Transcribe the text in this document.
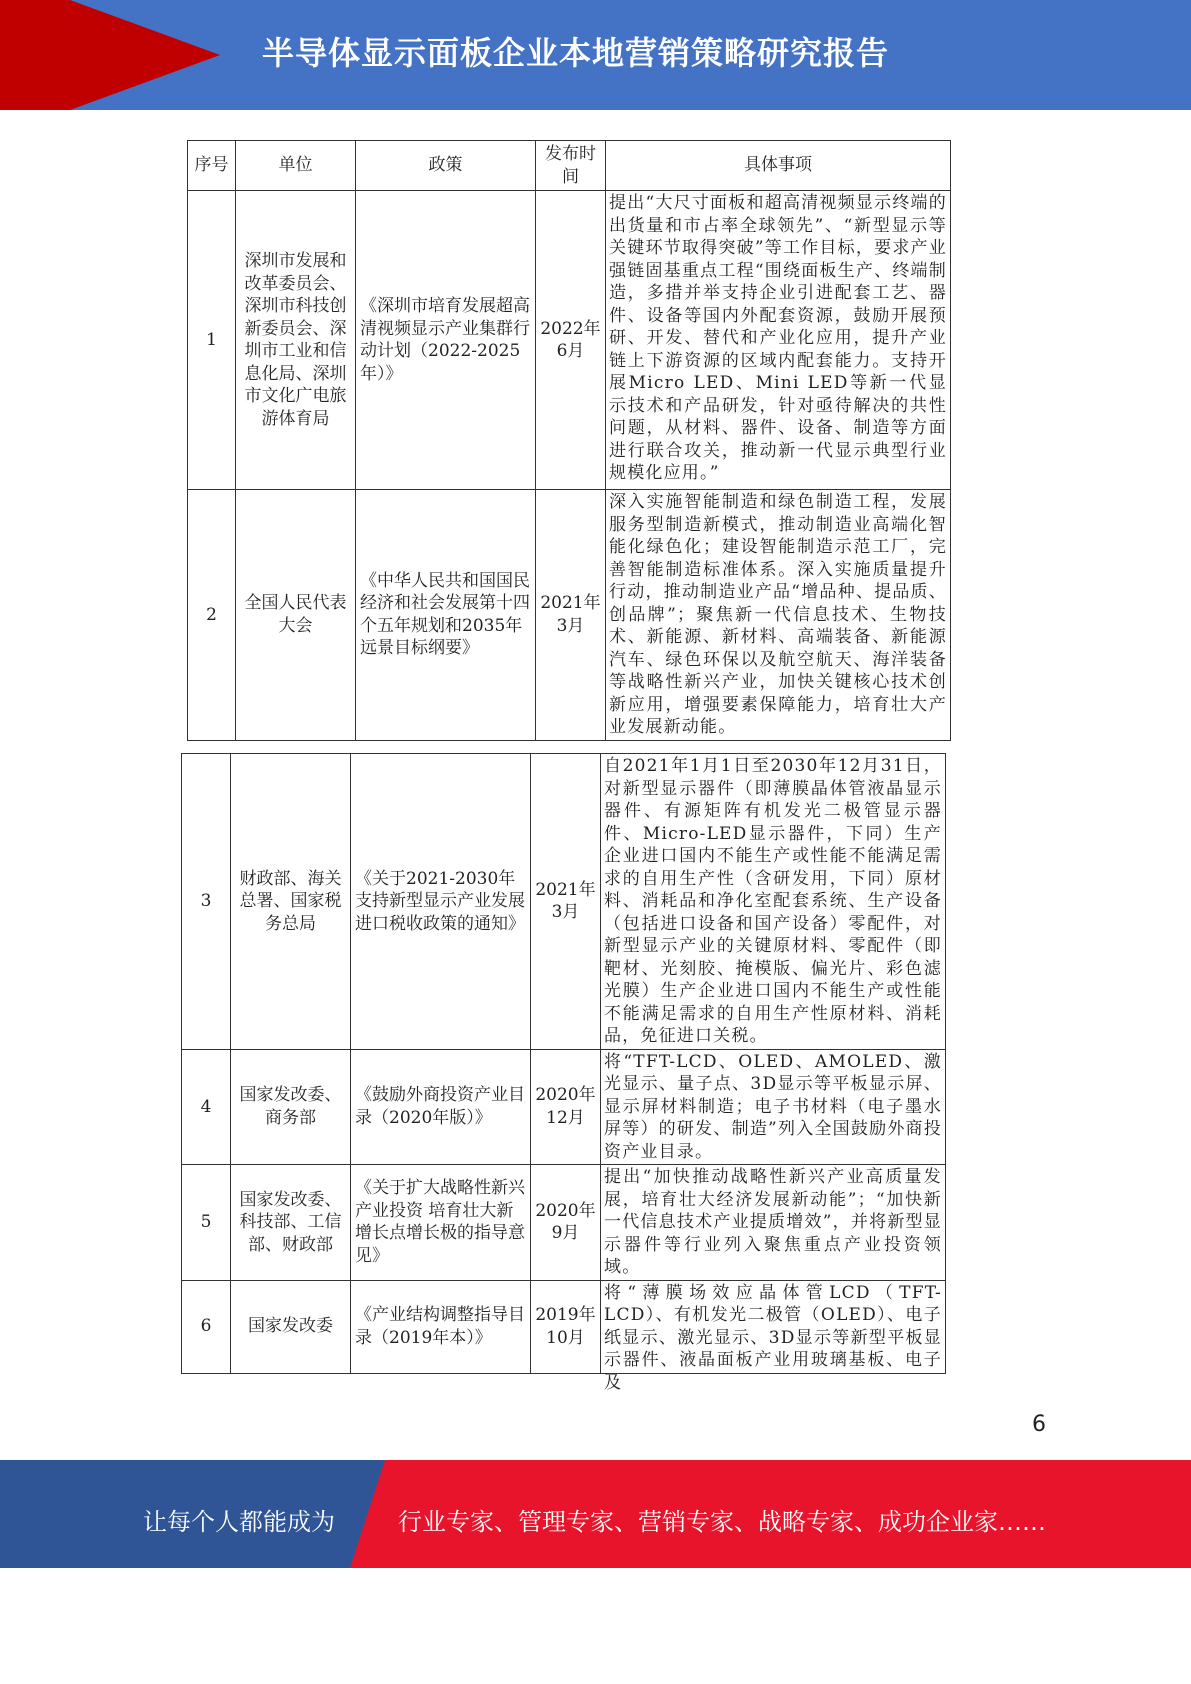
半导体显示面板企业本地营销策略研究报告
序号	单位	政策	发布时间	具体事项
1	深圳市发展和改革委员会、深圳市科技创新委员会、深圳市工业和信息化局、深圳市文化广电旅游体育局	《深圳市培育发展超高清视频显示产业集群行动计划（2022-2025年）》	2022年6月	提出“大尺寸面板和超高清视频显示终端的出货量和市占率全球领先”、“新型显示等关键环节取得突破”等工作目标，要求产业强链固基重点工程“围绕面板生产、终端制造，多措并举支持企业引进配套工艺、器件、设备等国内外配套资源，鼓励开展预研、开发、替代和产业化应用，提升产业链上下游资源的区域内配套能力。支持开展Micro LED、Mini LED等新一代显示技术和产品研发，针对亟待解决的共性问题，从材料、器件、设备、制造等方面进行联合攻关，推动新一代显示典型行业规模化应用。”
2	全国人民代表大会	《中华人民共和国国民经济和社会发展第十四个五年规划和2035年远景目标纲要》	2021年3月	深入实施智能制造和绿色制造工程，发展服务型制造新模式，推动制造业高端化智能化绿色化；建设智能制造示范工厂，完善智能制造标准体系。深入实施质量提升行动，推动制造业产品“增品种、提品质、创品牌”；聚焦新一代信息技术、生物技术、新能源、新材料、高端装备、新能源汽车、绿色环保以及航空航天、海洋装备等战略性新兴产业，加快关键核心技术创新应用，增强要素保障能力，培育壮大产业发展新动能。
3	财政部、海关总署、国家税务总局	《关于2021-2030年支持新型显示产业发展进口税收政策的通知》	2021年3月	自2021年1月1日至2030年12月31日，对新型显示器件（即薄膜晶体管液晶显示器件、有源矩阵有机发光二极管显示器件、Micro-LED显示器件，下同）生产企业进口国内不能生产或性能不能满足需求的自用生产性（含研发用，下同）原材料、消耗品和净化室配套系统、生产设备（包括进口设备和国产设备）零配件，对新型显示产业的关键原材料、零配件（即靶材、光刻胶、掩模版、偏光片、彩色滤光膜）生产企业进口国内不能生产或性能不能满足需求的自用生产性原材料、消耗品，免征进口关税。
4	国家发改委、商务部	《鼓励外商投资产业目录（2020年版）》	2020年12月	将“TFT-LCD、OLED、AMOLED、激光显示、量子点、3D显示等平板显示屏、显示屏材料制造；电子书材料（电子墨水屏等）的研发、制造”列入全国鼓励外商投资产业目录。
5	国家发改委、科技部、工信部、财政部	《关于扩大战略性新兴产业投资 培育壮大新增长点增长极的指导意见》	2020年9月	提出“加快推动战略性新兴产业高质量发展，培育壮大经济发展新动能”；“加快新一代信息技术产业提质增效”，并将新型显示器件等行业列入聚焦重点产业投资领域。
6	国家发改委	《产业结构调整指导目录（2019年本）》	2019年10月	将“薄膜场效应晶体管LCD（TFT-LCD）、有机发光二极管（OLED）、电子纸显示、激光显示、3D显示等新型平板显示器件、液晶面板产业用玻璃基板、电子及
6
让每个人都能成为	行业专家、管理专家、营销专家、战略专家、成功企业家……
